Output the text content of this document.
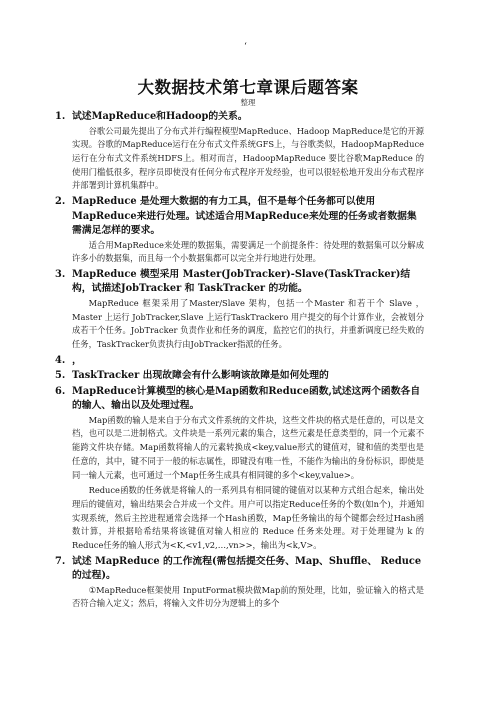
‘
大数据技术第七章课后题答案
整理
1. 试述MapReduce和Hadoop的关系。

谷歌公司最先提出了分布式并行编程模型MapReduce、Hadoop MapReduce是它的开源实现。谷歌的MapReduce运行在分布式文件系统GFS上，与谷歌类似，HadoopMapReduce运行在分布式文件系统HDFS上。相对而言，HadoopMapReduce 要比谷歌MapReduce 的使用门槛低很多，程序员即使没有任何分布式程序开发经验，也可以很轻松地开发出分布式程序并部署到计算机集群中。

2. MapReduce 是处理大数据的有力工具，但不是每个任务都可以使用MapReduce来进行处理。试述适合用MapReduce来处理的任务或者数据集需满足怎样的要求。

适合用MapReduce来处理的数据集，需要满足一个前提条件：待处理的数据集可以分解成许多小的数据集，而且每一个小数据集都可以完全并行地进行处理。

3. MapReduce 模型采用 Master(JobTracker)-Slave(TaskTracker)结构，试描述JobTracker 和 TaskTracker 的功能。

MapReduce 框架采用了Master/Slave 架构，包括一个Master 和若干个 Slave ，Master 上运行 JobTracker,Slave 上运行TaskTrackero 用户提交的每个计算作业，会被划分成若干个任务。JobTracker 负责作业和任务的调度，监控它们的执行，并重新调度已经失败的任务，TaskTracker负责执行由JobTracker指派的任务。

4. ，
5. TaskTracker 出现故障会有什么影响该故障是如何处理的
6. MapReduce计算模型的核心是Map函数和Reduce函数,试述这两个函数各自的输人、输出以及处理过程。

Map函数的输人是来自于分布式文件系统的文件块，这些文件块的格式是任意的，可以是文档，也可以是二进制格式。文件块是一系列元素的集合，这些元素是任意类型的，同一个元素不能跨文件块存储。Map函数将输人的元素转换成<key,value形式的键值对，键和值的类型也是任意的，其中，键不同于一般的标志属性，即键没有唯一性，不能作为输出的身份标识，即使是同一输人元素，也可通过一个Map任务生成具有相同键的多个<key,value>。

Reduce函数的任务就是将输人的一系列具有相同键的键值对以某种方式组合起来，输出处理后的键值对，输出结果会合并成一个文件。用户可以指定Reduce任务的个数(如n个)，并通知实现系统，然后主控进程通常会选择一个Hash函数，Map任务输出的每个键都会经过Hash函数计算，并根据哈希结果将该键值对输人相应的 Reduce 任务来处理。对于处理键为 k 的Reduce任务的输人形式为<K,<v1,v2,…,vn>>，输出为<k,V>。

7. 试述 MapReduce 的工作流程(需包括提交任务、Map、Shuffle、 Reduce 的过程)。

①MapReduce框架使用 InputFormat模块做Map前的预处理，比如，验证输入的格式是否符合输入定义；然后，将输入文件切分为逻辑上的多个
